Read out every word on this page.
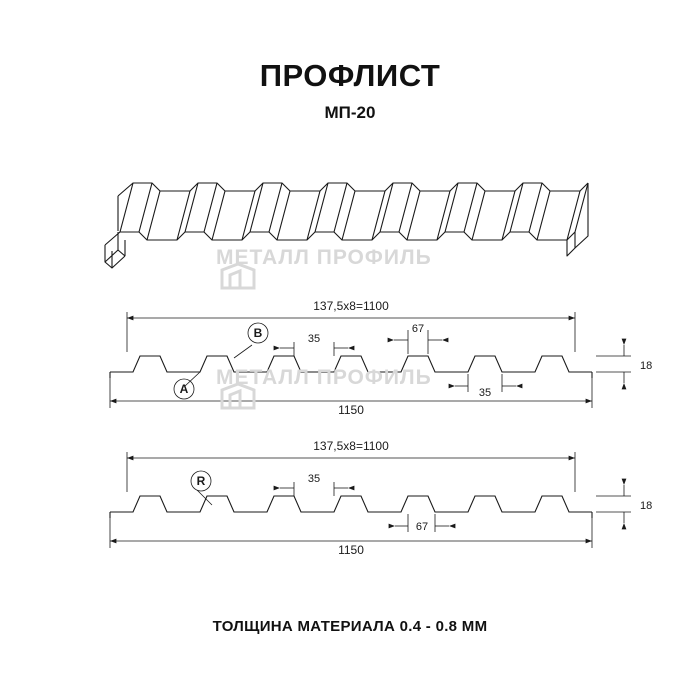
ПРОФЛИСТ
МП-20
137,5x8=1100
1150
35
67
35
18
A
B
137,5x8=1100
1150
35
67
18
R
МЕТАЛЛ ПРОФИЛЬ
МЕТАЛЛ ПРОФИЛЬ
ТОЛЩИНА МАТЕРИАЛА 0.4 - 0.8 ММ
